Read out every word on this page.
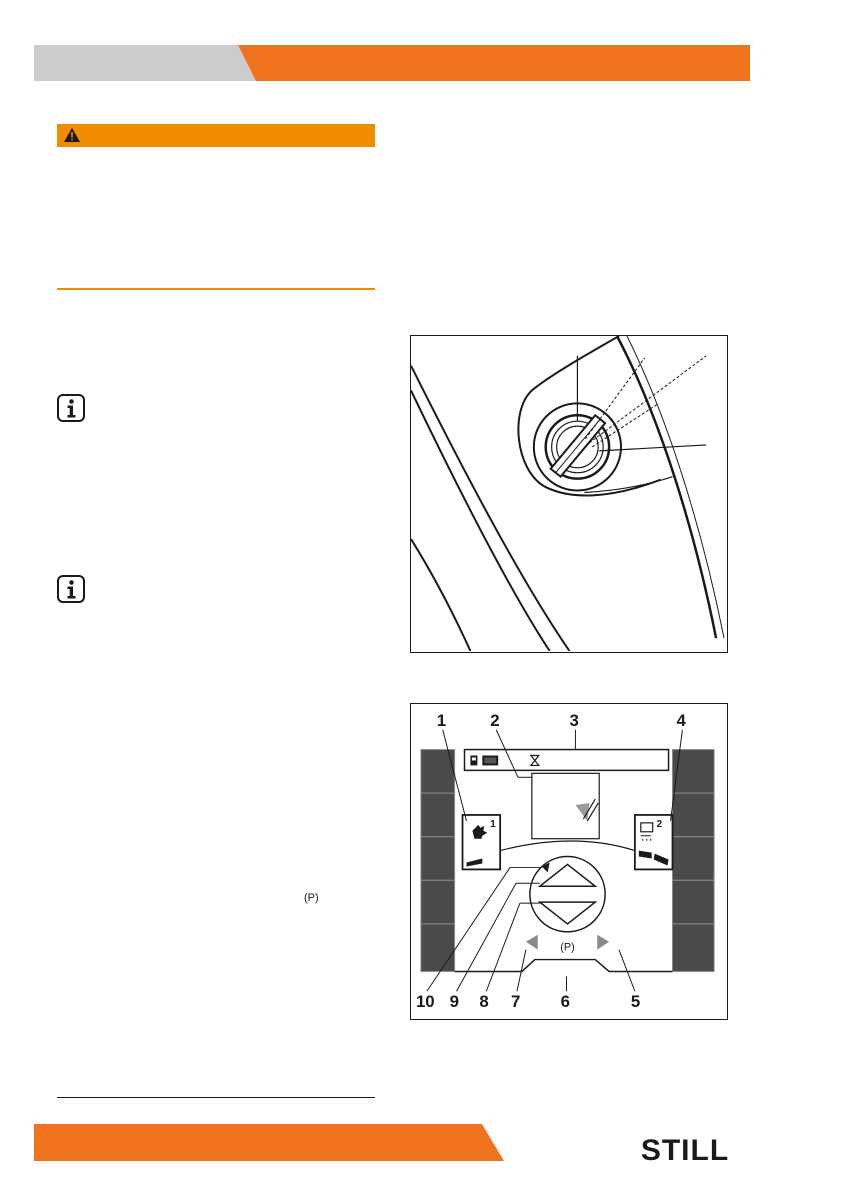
(P)
1	2	3	4
5
6
7
8
9
10
1	2
(P)
STILL
